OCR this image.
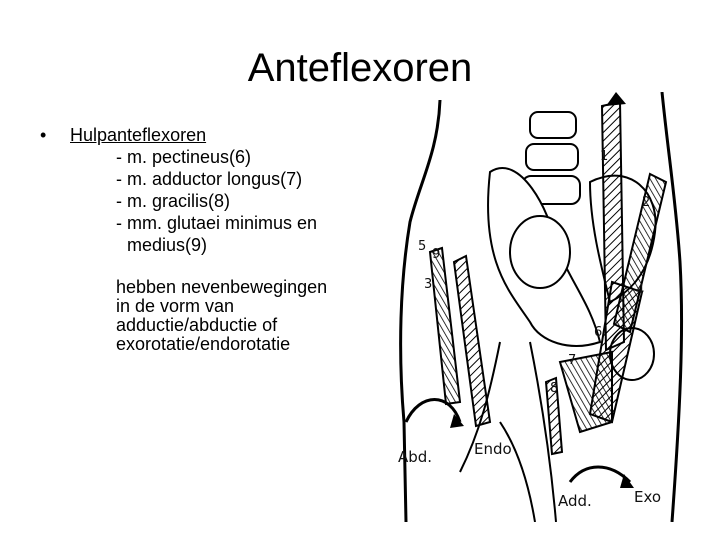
Anteflexoren
• Hulpanteflexoren
- m. pectineus(6)
- m. adductor longus(7)
- m. gracilis(8)
- mm. glutaei minimus en medius(9)
hebben nevenbewegingen in de vorm van adductie/abductie of exorotatie/endorotatie
1
2
6
7
8
9
5
3	4
Abd.	Endo
Add.	Exo
